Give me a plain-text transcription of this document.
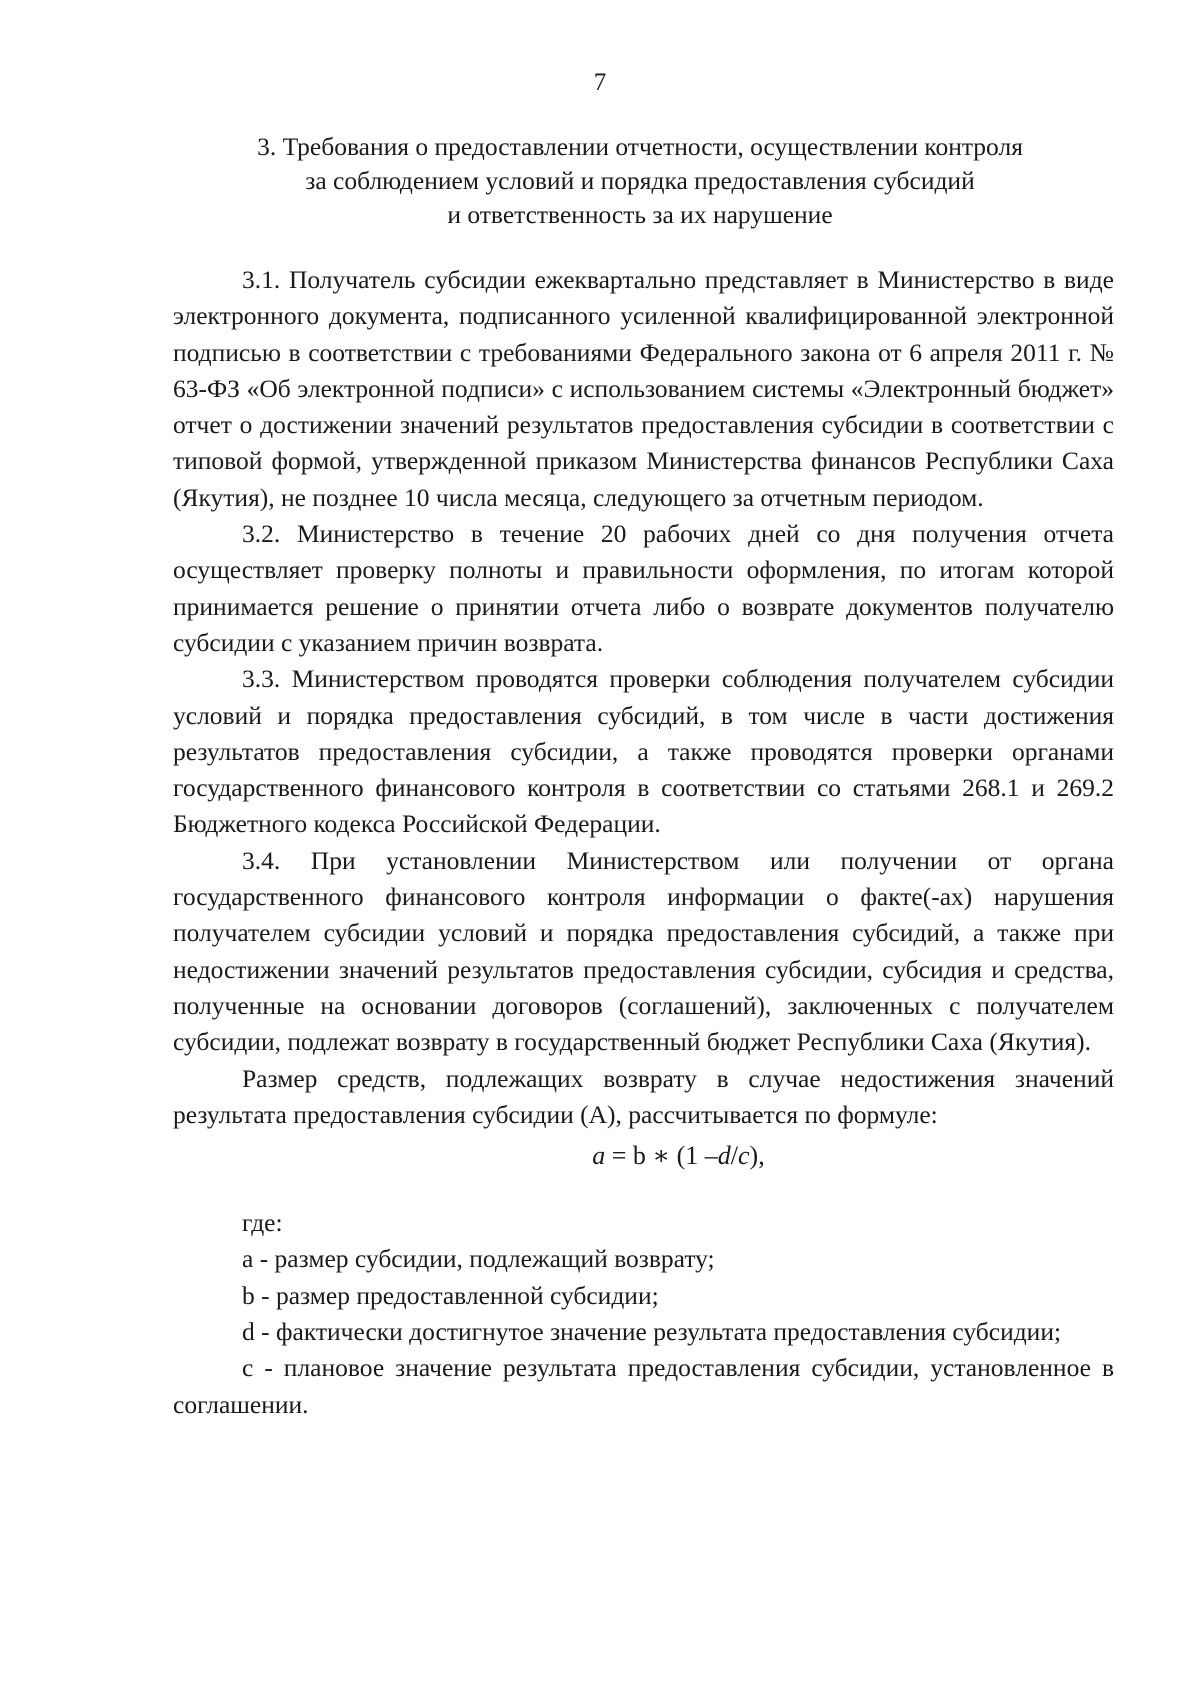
7
3. Требования о предоставлении отчетности, осуществлении контроля
за соблюдением условий и порядка предоставления субсидий
и ответственность за их нарушение

3.1. Получатель субсидии ежеквартально представляет в Министерство в виде электронного документа, подписанного усиленной квалифицированной электронной подписью в соответствии с требованиями Федерального закона от 6 апреля 2011 г. № 63-ФЗ «Об электронной подписи» с использованием системы «Электронный бюджет» отчет о достижении значений результатов предоставления субсидии в соответствии с типовой формой, утвержденной приказом Министерства финансов Республики Саха (Якутия), не позднее 10 числа месяца, следующего за отчетным периодом.

3.2. Министерство в течение 20 рабочих дней со дня получения отчета осуществляет проверку полноты и правильности оформления, по итогам которой принимается решение о принятии отчета либо о возврате документов получателю субсидии с указанием причин возврата.

3.3. Министерством проводятся проверки соблюдения получателем субсидии условий и порядка предоставления субсидий, в том числе в части достижения результатов предоставления субсидии, а также проводятся проверки органами государственного финансового контроля в соответствии со статьями 268.1 и 269.2 Бюджетного кодекса Российской Федерации.

3.4. При установлении Министерством или получении от органа государственного финансового контроля информации о факте(-ах) нарушения получателем субсидии условий и порядка предоставления субсидий, а также при недостижении значений результатов предоставления субсидии, субсидия и средства, полученные на основании договоров (соглашений), заключенных с получателем субсидии, подлежат возврату в государственный бюджет Республики Саха (Якутия).

Размер средств, подлежащих возврату в случае недостижения значений результата предоставления субсидии (А), рассчитывается по формуле:

a = b ∗ (1 –d/c),

где:

a - размер субсидии, подлежащий возврату;

b - размер предоставленной субсидии;

d - фактически достигнутое значение результата предоставления субсидии;

c - плановое значение результата предоставления субсидии, установленное в соглашении.
